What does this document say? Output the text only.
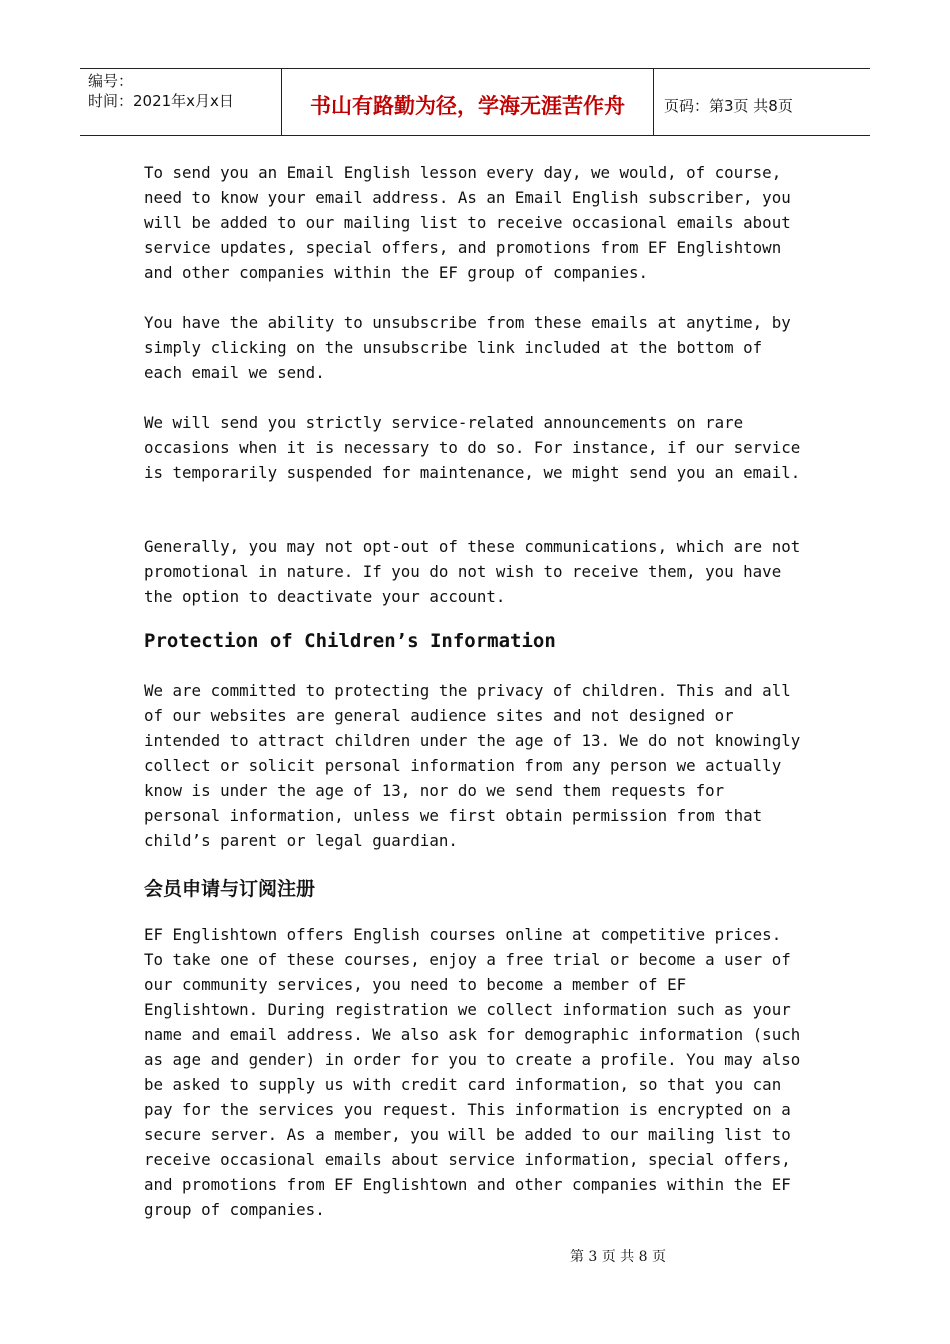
编号：
时间：2021年x月x日	书山有路勤为径，学海无涯苦作舟	页码：第3页 共8页

To send you an Email English lesson every day, we would, of course,
need to know your email address. As an Email English subscriber, you
will be added to our mailing list to receive occasional emails about
service updates, special offers, and promotions from EF Englishtown
and other companies within the EF group of companies.

You have the ability to unsubscribe from these emails at anytime, by
simply clicking on the unsubscribe link included at the bottom of
each email we send.

We will send you strictly service-related announcements on rare
occasions when it is necessary to do so. For instance, if our service
is temporarily suspended for maintenance, we might send you an email.

Generally, you may not opt-out of these communications, which are not
promotional in nature. If you do not wish to receive them, you have
the option to deactivate your account.

Protection of Children’s Information

We are committed to protecting the privacy of children. This and all
of our websites are general audience sites and not designed or
intended to attract children under the age of 13. We do not knowingly
collect or solicit personal information from any person we actually
know is under the age of 13, nor do we send them requests for
personal information, unless we first obtain permission from that
child’s parent or legal guardian.

会员申请与订阅注册

EF Englishtown offers English courses online at competitive prices.
To take one of these courses, enjoy a free trial or become a user of
our community services, you need to become a member of EF
Englishtown. During registration we collect information such as your
name and email address. We also ask for demographic information (such
as age and gender) in order for you to create a profile. You may also
be asked to supply us with credit card information, so that you can
pay for the services you request. This information is encrypted on a
secure server. As a member, you will be added to our mailing list to
receive occasional emails about service information, special offers,
and promotions from EF Englishtown and other companies within the EF
group of companies.

第 3 页 共 8 页
